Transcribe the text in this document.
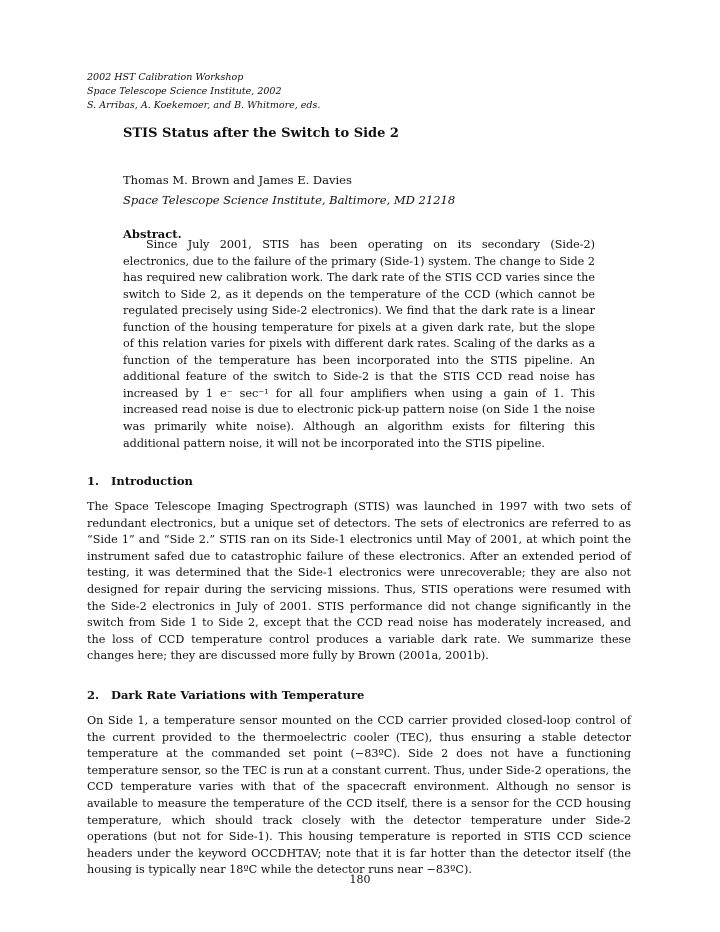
2002 HST Calibration Workshop
Space Telescope Science Institute, 2002
S. Arribas, A. Koekemoer, and B. Whitmore, eds.
STIS Status after the Switch to Side 2
Thomas M. Brown and James E. Davies
Space Telescope Science Institute, Baltimore, MD 21218
Abstract.

Since July 2001, STIS has been operating on its secondary (Side-2) electronics, due to the failure of the primary (Side-1) system. The change to Side 2 has required new calibration work. The dark rate of the STIS CCD varies since the switch to Side 2, as it depends on the temperature of the CCD (which cannot be regulated precisely using Side-2 electronics). We find that the dark rate is a linear function of the housing temperature for pixels at a given dark rate, but the slope of this relation varies for pixels with different dark rates. Scaling of the darks as a function of the temperature has been incorporated into the STIS pipeline. An additional feature of the switch to Side-2 is that the STIS CCD read noise has increased by 1 e⁻ sec⁻¹ for all four amplifiers when using a gain of 1. This increased read noise is due to electronic pick-up pattern noise (on Side 1 the noise was primarily white noise). Although an algorithm exists for filtering this additional pattern noise, it will not be incorporated into the STIS pipeline.

1. Introduction

The Space Telescope Imaging Spectrograph (STIS) was launched in 1997 with two sets of redundant electronics, but a unique set of detectors. The sets of electronics are referred to as “Side 1” and “Side 2.” STIS ran on its Side-1 electronics until May of 2001, at which point the instrument safed due to catastrophic failure of these electronics. After an extended period of testing, it was determined that the Side-1 electronics were unrecoverable; they are also not designed for repair during the servicing missions. Thus, STIS operations were resumed with the Side-2 electronics in July of 2001. STIS performance did not change significantly in the switch from Side 1 to Side 2, except that the CCD read noise has moderately increased, and the loss of CCD temperature control produces a variable dark rate. We summarize these changes here; they are discussed more fully by Brown (2001a, 2001b).

2. Dark Rate Variations with Temperature

On Side 1, a temperature sensor mounted on the CCD carrier provided closed-loop control of the current provided to the thermoelectric cooler (TEC), thus ensuring a stable detector temperature at the commanded set point (−83ºC). Side 2 does not have a functioning temperature sensor, so the TEC is run at a constant current. Thus, under Side-2 operations, the CCD temperature varies with that of the spacecraft environment. Although no sensor is available to measure the temperature of the CCD itself, there is a sensor for the CCD housing temperature, which should track closely with the detector temperature under Side-2 operations (but not for Side-1). This housing temperature is reported in STIS CCD science headers under the keyword OCCDHTAV; note that it is far hotter than the detector itself (the housing is typically near 18ºC while the detector runs near −83ºC).

180
